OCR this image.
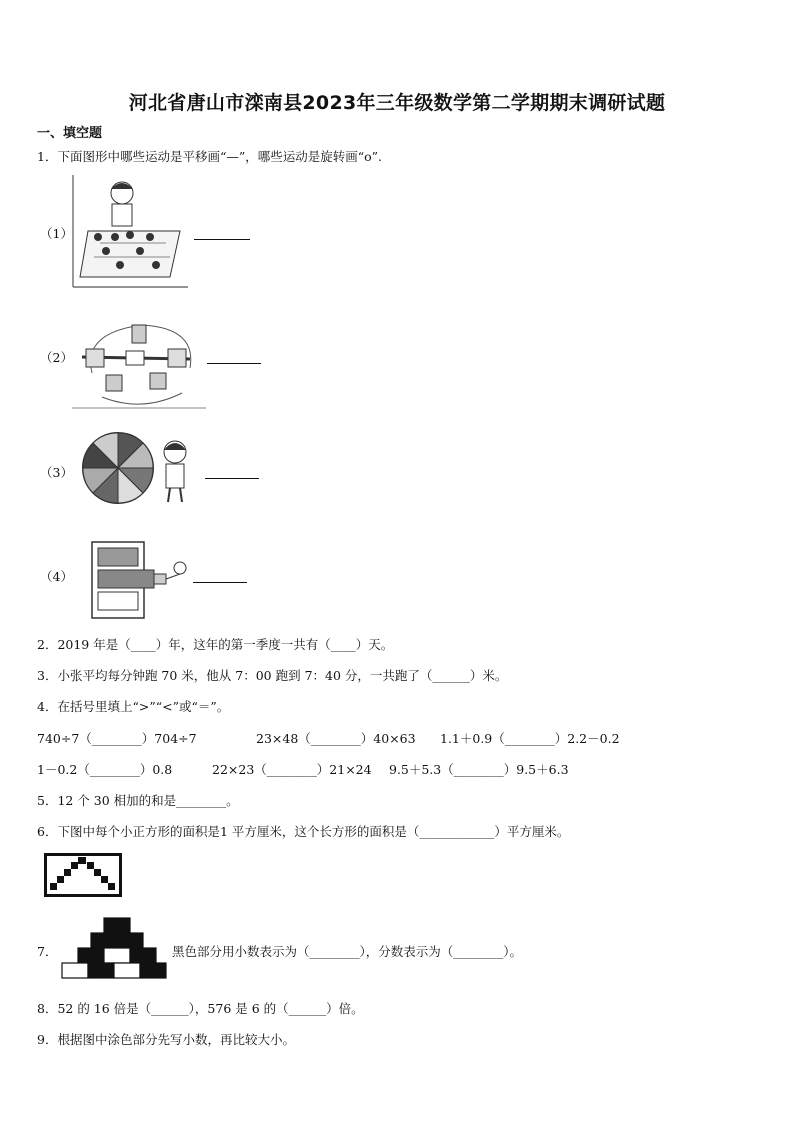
河北省唐山市滦南县2023年三年级数学第二学期期末调研试题
一、填空题
1．下面图形中哪些运动是平移画“—”，哪些运动是旋转画“o”.
（1）
（2）
（3）
（4）
2．2019 年是（____）年，这年的第一季度一共有（____）天。
3．小张平均每分钟跑 70 米，他从 7：00 跑到 7：40 分，一共跑了（______）米。
4．在括号里填上“>”“<”或“＝”。
740÷7（________）704÷7	23×48（________）40×63 1.1＋0.9（________）2.2－0.2
1－0.2（________）0.8	22×23（________）21×24 9.5＋5.3（________）9.5＋6.3
5．12 个 30 相加的和是________。
6．下图中每个小正方形的面积是1 平方厘米，这个长方形的面积是（____________）平方厘米。
7．	黑色部分用小数表示为（________），分数表示为（________）。
8．52 的 16 倍是（______），576 是 6 的（______）倍。
9．根据图中涂色部分先写小数，再比较大小。
